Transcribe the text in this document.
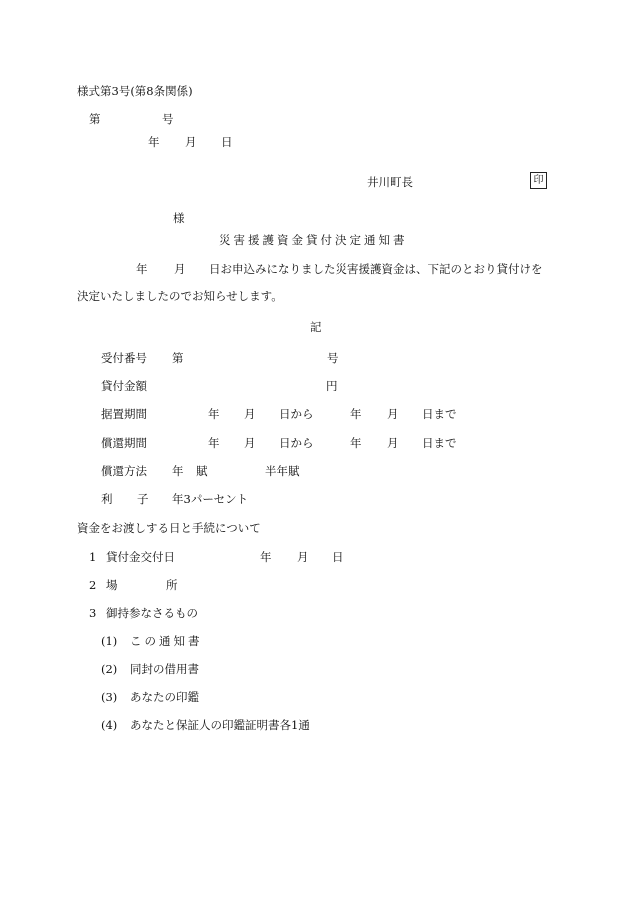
様式第3号(第8条関係)
第	号
年 月 日
井川町長	印
様
災害援護資金貸付決定通知書
年 月 日お申込みになりました災害援護資金は、下記のとおり貸付けを
決定いたしましたのでお知らせします。
記
受付番号 第	号
貸付金額	円
据置期間	年 月 日から	年 月 日まで
償還期間	年 月 日から	年 月 日まで
償還方法 年 賦	半年賦
利 子 年3パーセント
資金をお渡しする日と手続について
1 貸付金交付日	年 月 日
2 場	所
3 御持参なさるもの
(1) この通知書
(2) 同封の借用書
(3) あなたの印鑑
(4) あなたと保証人の印鑑証明書各1通
